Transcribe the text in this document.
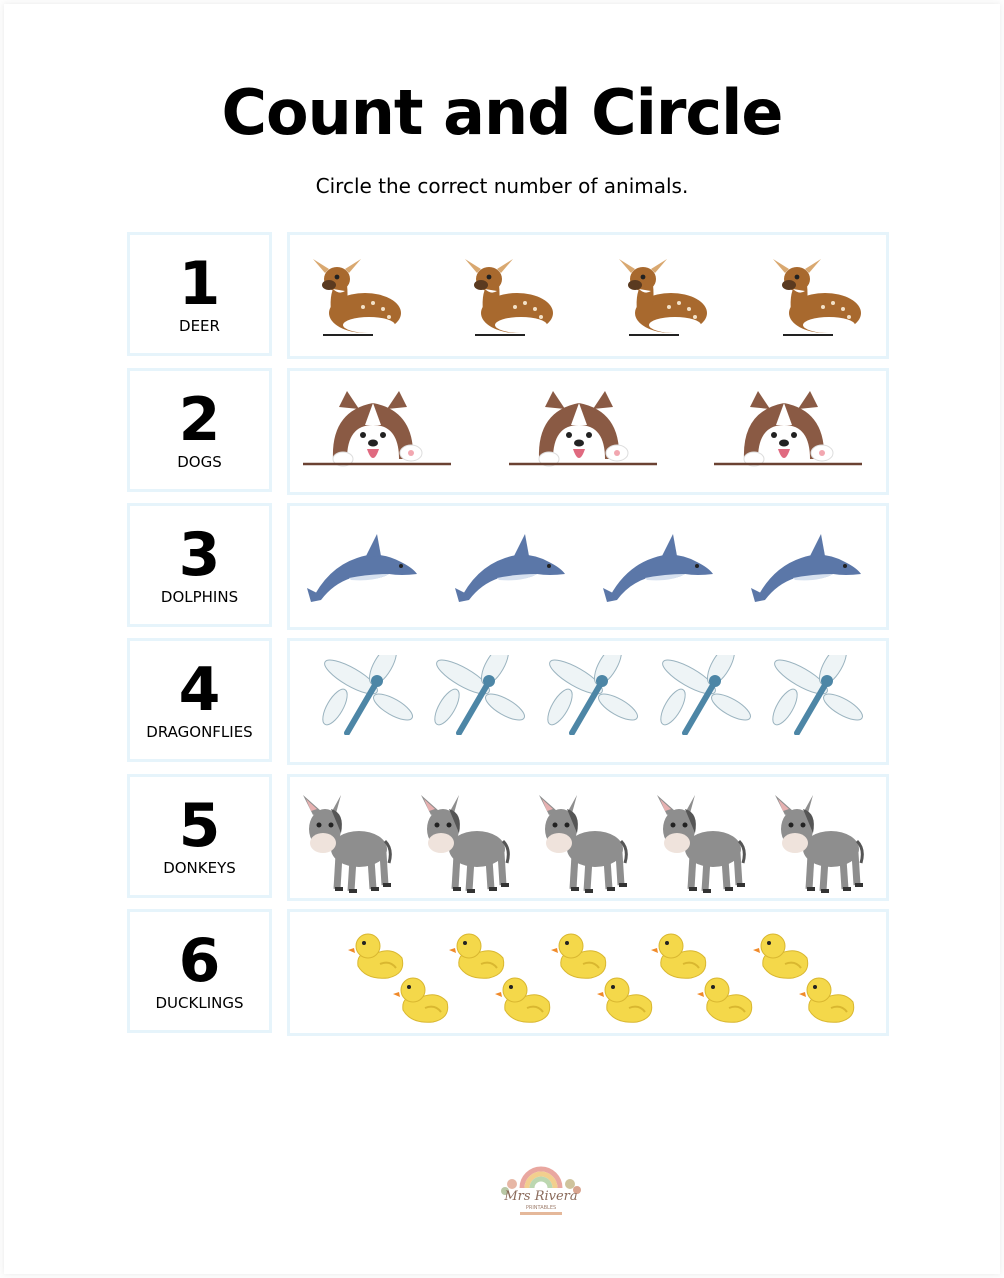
Count and Circle
Circle the correct number of animals.
1
DEER
2
DOGS
3
DOLPHINS
4
DRAGONFLIES
5
DONKEYS
6
DUCKLINGS
Mrs Rivera
PRINTABLES
